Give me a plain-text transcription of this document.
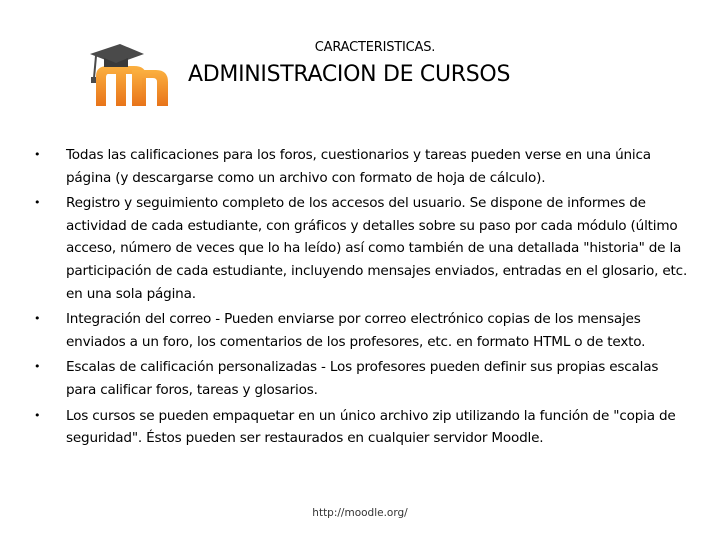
CARACTERISTICAS.
ADMINISTRACION DE CURSOS
• Todas las calificaciones para los foros, cuestionarios y tareas pueden verse en una única página (y descargarse como un archivo con formato de hoja de cálculo).
• Registro y seguimiento completo de los accesos del usuario. Se dispone de informes de actividad de cada estudiante, con gráficos y detalles sobre su paso por cada módulo (último acceso, número de veces que lo ha leído) así como también de una detallada "historia" de la participación de cada estudiante, incluyendo mensajes enviados, entradas en el glosario, etc. en una sola página.
• Integración del correo - Pueden enviarse por correo electrónico copias de los mensajes enviados a un foro, los comentarios de los profesores, etc. en formato HTML o de texto.
• Escalas de calificación personalizadas - Los profesores pueden definir sus propias escalas para calificar foros, tareas y glosarios.
• Los cursos se pueden empaquetar en un único archivo zip utilizando la función de "copia de seguridad". Éstos pueden ser restaurados en cualquier servidor Moodle.
http://moodle.org/
